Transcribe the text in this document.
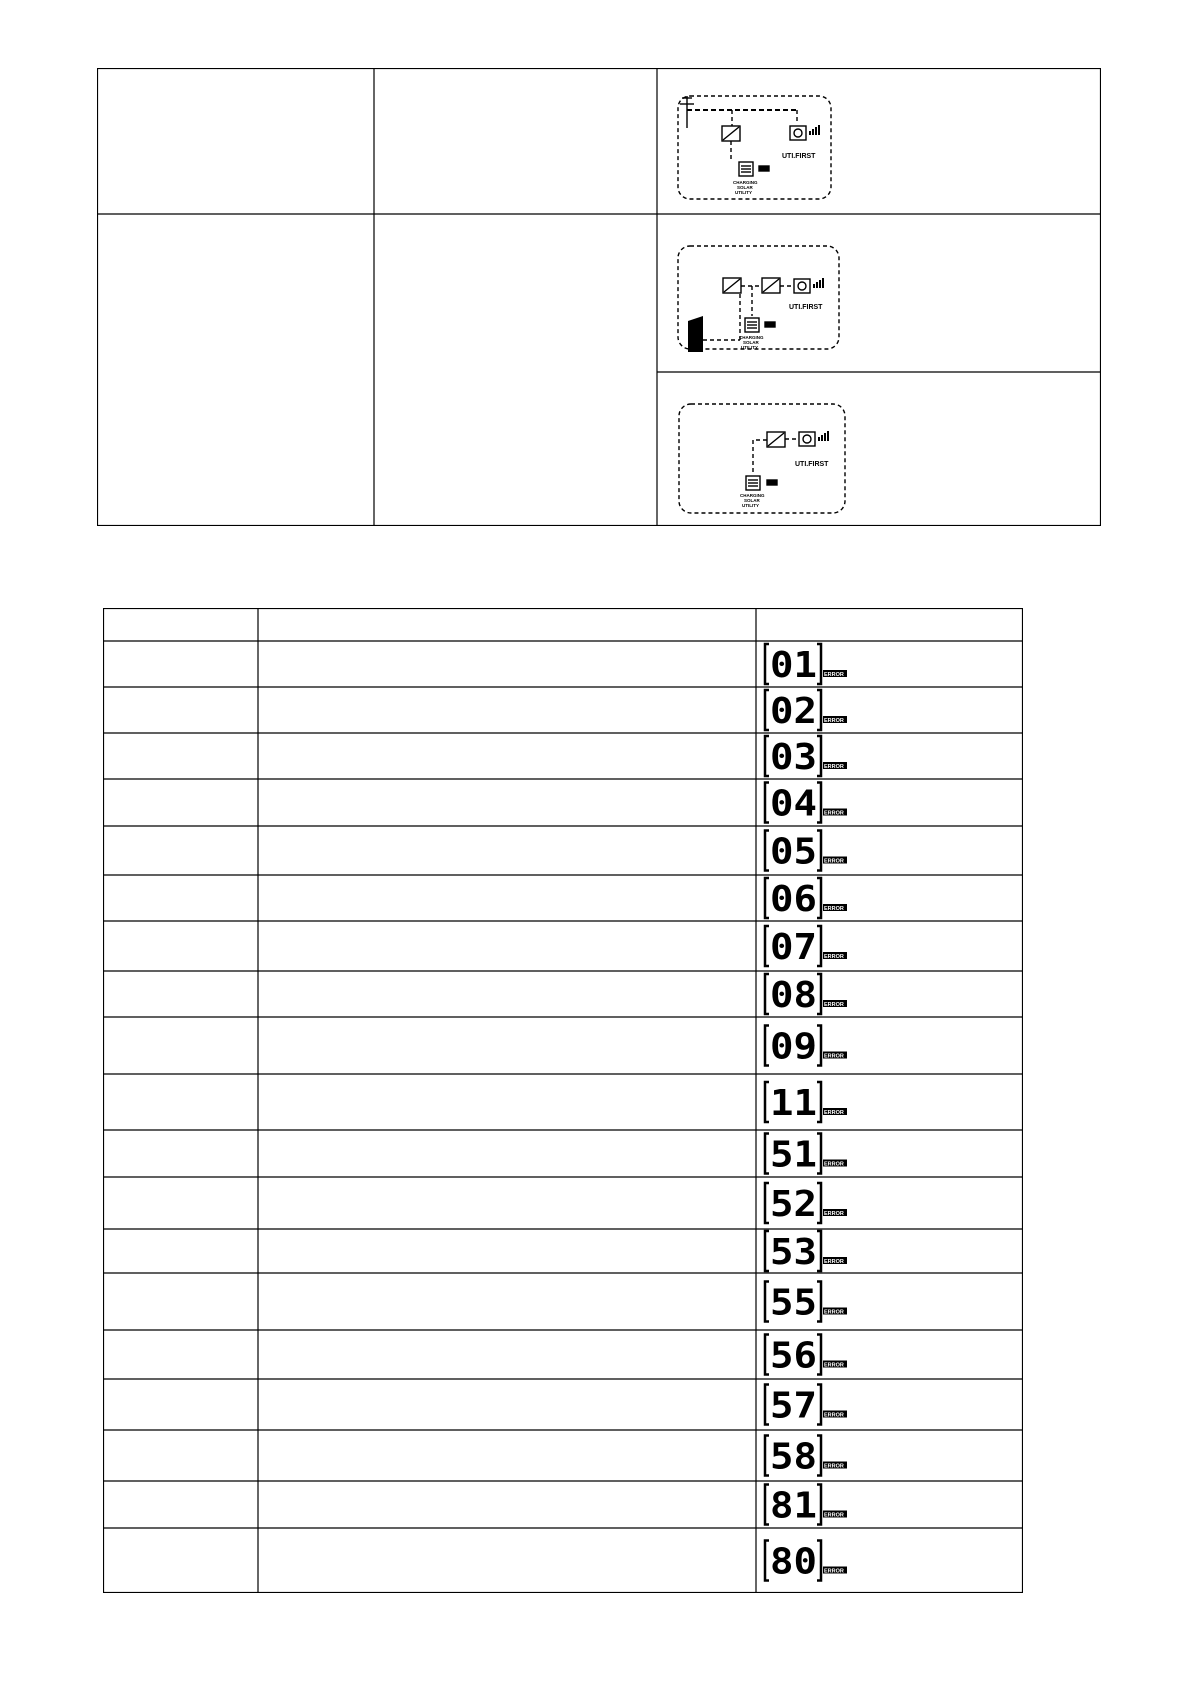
UTI.FIRST
CHARGING
SOLAR
UTILITY
UTI.FIRST
CHARGING
SOLAR
UTILITY
UTI.FIRST
CHARGING
SOLAR
UTILITY
01 ERROR
02 ERROR
03 ERROR
04 ERROR
05 ERROR
06 ERROR
07 ERROR
08 ERROR
09 ERROR
11 ERROR
51 ERROR
52 ERROR
53 ERROR
55 ERROR
56 ERROR
57 ERROR
58 ERROR
81 ERROR
80 ERROR
